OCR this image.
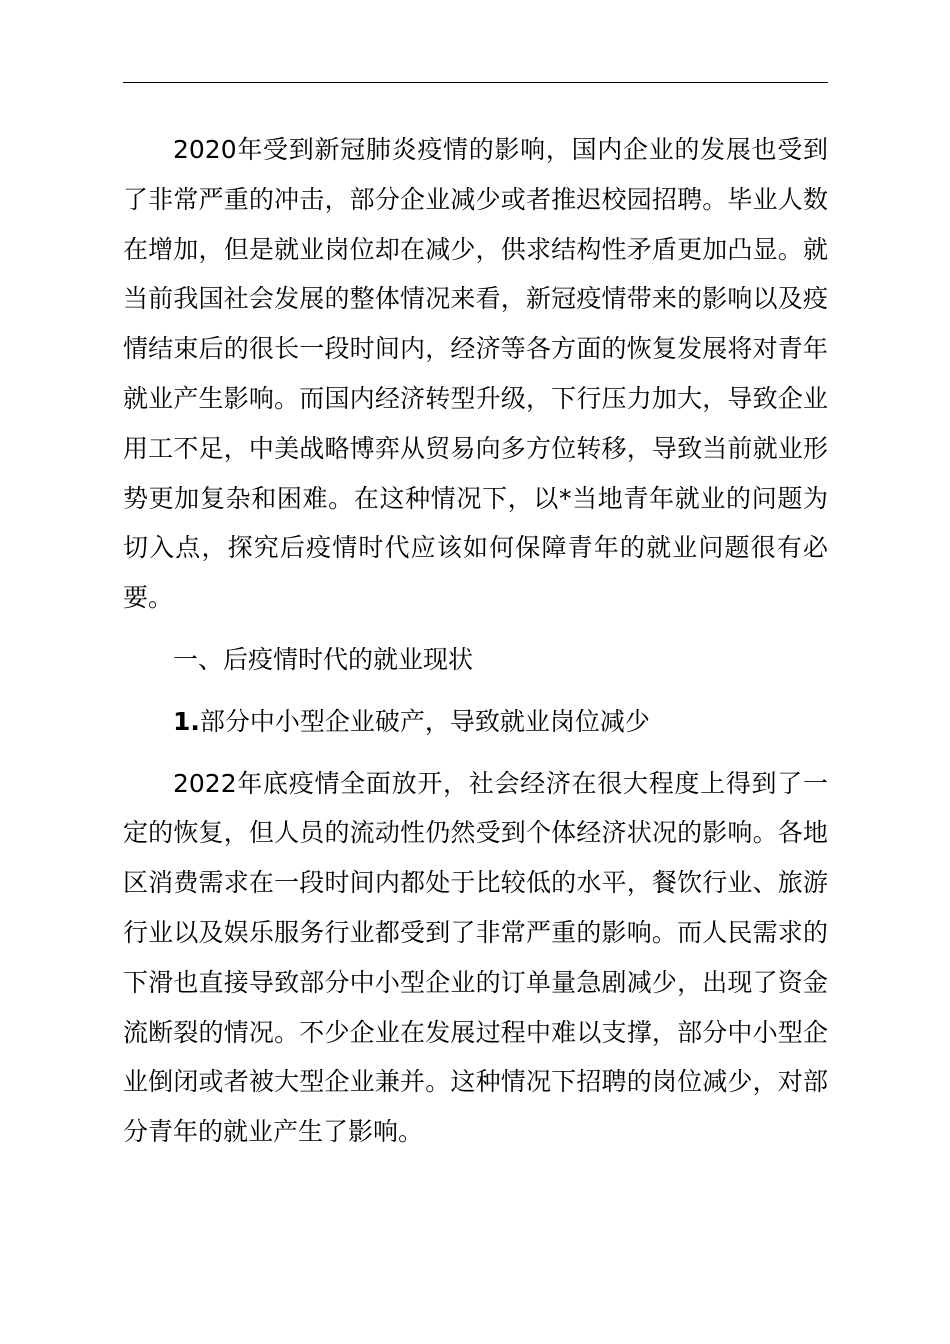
2020年受到新冠肺炎疫情的影响，国内企业的发展也受到了非常严重的冲击，部分企业减少或者推迟校园招聘。毕业人数在增加，但是就业岗位却在减少，供求结构性矛盾更加凸显。就当前我国社会发展的整体情况来看，新冠疫情带来的影响以及疫情结束后的很长一段时间内，经济等各方面的恢复发展将对青年就业产生影响。而国内经济转型升级，下行压力加大，导致企业用工不足，中美战略博弈从贸易向多方位转移，导致当前就业形势更加复杂和困难。在这种情况下，以*当地青年就业的问题为切入点，探究后疫情时代应该如何保障青年的就业问题很有必要。

一、后疫情时代的就业现状

1.部分中小型企业破产，导致就业岗位减少

2022年底疫情全面放开，社会经济在很大程度上得到了一定的恢复，但人员的流动性仍然受到个体经济状况的影响。各地区消费需求在一段时间内都处于比较低的水平，餐饮行业、旅游行业以及娱乐服务行业都受到了非常严重的影响。而人民需求的下滑也直接导致部分中小型企业的订单量急剧减少，出现了资金流断裂的情况。不少企业在发展过程中难以支撑，部分中小型企业倒闭或者被大型企业兼并。这种情况下招聘的岗位减少，对部分青年的就业产生了影响。
